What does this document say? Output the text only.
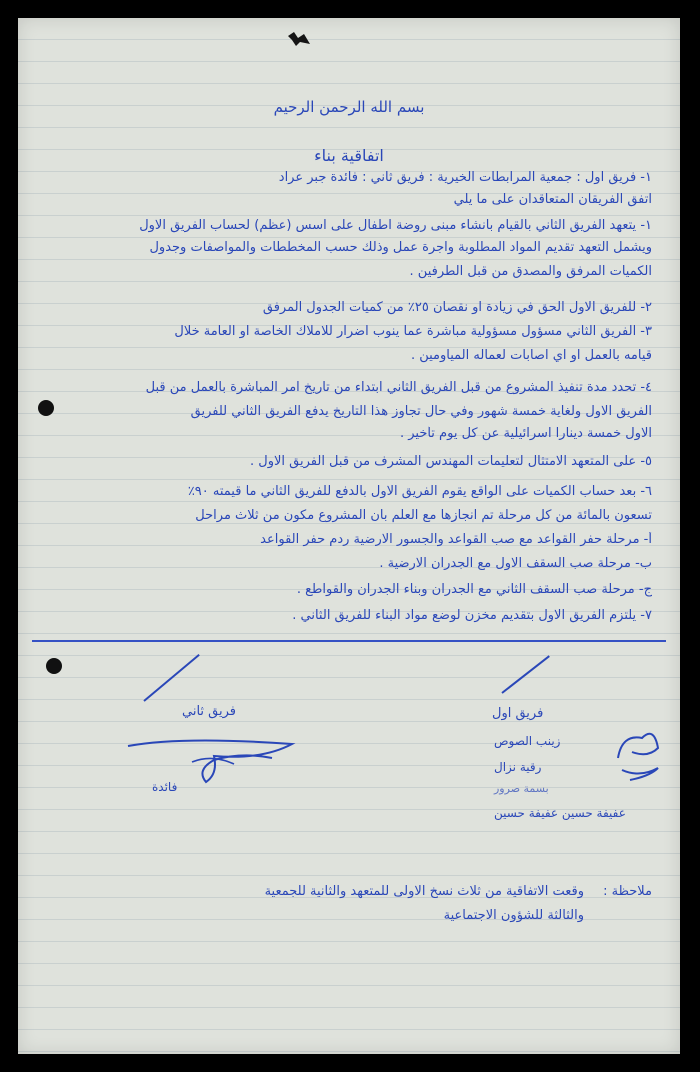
بسم الله الرحمن الرحيم
اتفاقية بناء
١- فريق اول : جمعية المرابطات الخيرية : فريق ثاني : فائدة جبر عراد
اتفق الفريقان المتعاقدان على ما يلي
١- يتعهد الفريق الثاني بالقيام بانشاء مبنى روضة اطفال على اسس (عظم) لحساب الفريق الاول
ويشمل التعهد تقديم المواد المطلوبة واجرة عمل وذلك حسب المخططات والمواصفات وجدول
الكميات المرفق والمصدق من قبل الطرفين .
٢- للفريق الاول الحق في زيادة او نقصان ٢٥٪ من كميات الجدول المرفق
٣- الفريق الثاني مسؤول مسؤولية مباشرة عما ينوب اضرار للاملاك الخاصة او العامة خلال
قيامه بالعمل او اي اصابات لعماله المياومين .
٤- تحدد مدة تنفيذ المشروع من قبل الفريق الثاني ابتداء من تاريخ امر المباشرة بالعمل من قبل
الفريق الاول ولغاية خمسة شهور وفي حال تجاوز هذا التاريخ يدفع الفريق الثاني للفريق
الاول خمسة دينارا اسرائيلية عن كل يوم تأخير .
٥- على المتعهد الامتثال لتعليمات المهندس المشرف من قبل الفريق الاول .
٦- بعد حساب الكميات على الواقع يقوم الفريق الاول بالدفع للفريق الثاني ما قيمته ٩٠٪
تسعون بالمائة من كل مرحلة تم انجازها مع العلم بان المشروع مكون من ثلاث مراحل
أ- مرحلة حفر القواعد مع صب القواعد والجسور الارضية ردم حفر القواعد
ب- مرحلة صب السقف الاول مع الجدران الارضية .
ج- مرحلة صب السقف الثاني مع الجدران وبناء الجدران والقواطع .
٧- يلتزم الفريق الاول بتقديم مخزن لوضع مواد البناء للفريق الثاني .
فريق ثاني	فريق اول
فائدة
زينب الصوص
رقية نزال
بسمة صرور
عفيفة حسين عفيفة حسين
ملاحظة :
وقعت الاتفاقية من ثلاث نسخ الاولى للمتعهد والثانية للجمعية
والثالثة للشؤون الاجتماعية
